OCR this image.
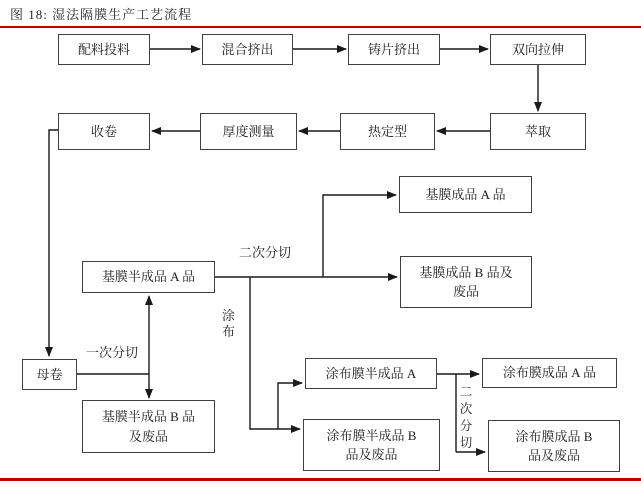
图 18: 湿法隔膜生产工艺流程
配料投料	混合挤出	铸片挤出	双向拉伸
收卷	厚度测量	热定型	萃取
基膜成品 A 品
基膜成品 B 品及
废品
基膜半成品 A 品
母卷
基膜半成品 B 品
及废品
涂布膜半成品 A
涂布膜半成品 B
品及废品
涂布膜成品 A 品
涂布膜成品 B
品及废品
二次分切
涂布
一次分切
二次分切
